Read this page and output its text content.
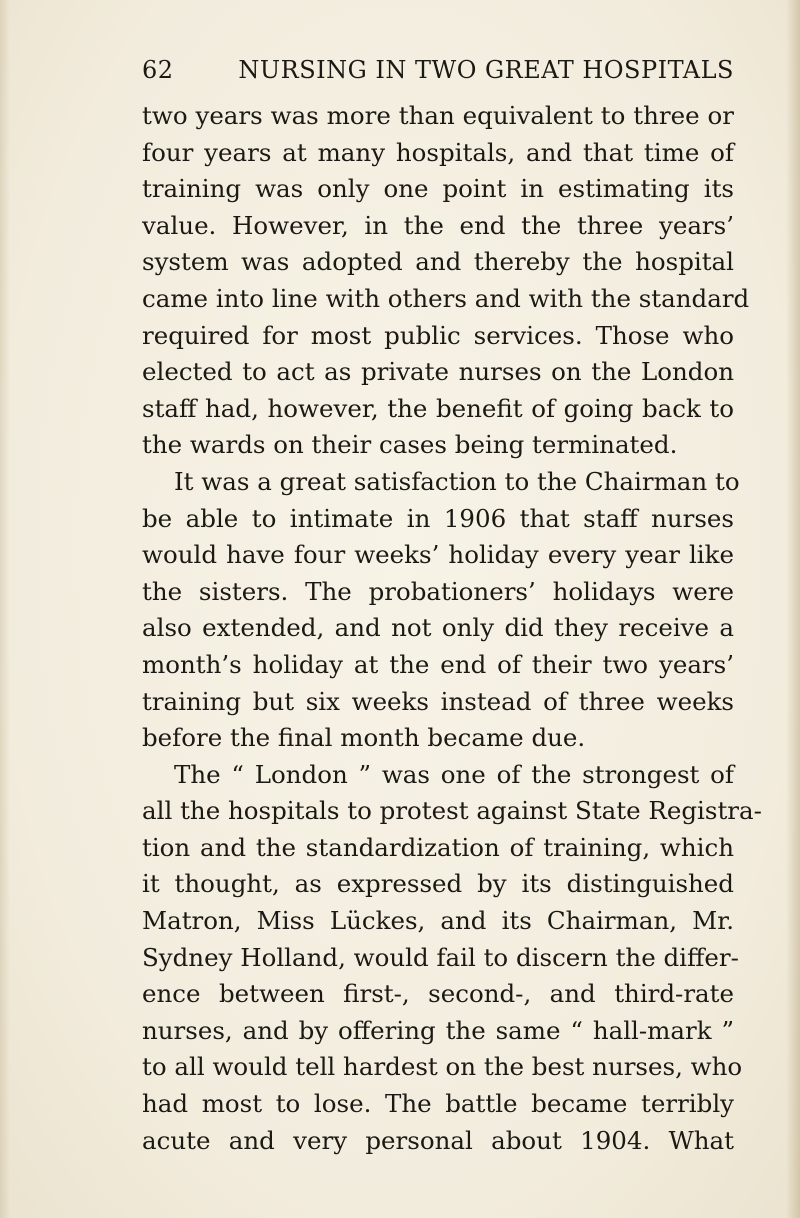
62	NURSING IN TWO GREAT HOSPITALS
two years was more than equivalent to three or
four years at many hospitals, and that time of
training was only one point in estimating its
value. However, in the end the three years’
system was adopted and thereby the hospital
came into line with others and with the standard
required for most public services. Those who
elected to act as private nurses on the London
staff had, however, the benefit of going back to
the wards on their cases being terminated.
It was a great satisfaction to the Chairman to
be able to intimate in 1906 that staff nurses
would have four weeks’ holiday every year like
the sisters. The probationers’ holidays were
also extended, and not only did they receive a
month’s holiday at the end of their two years’
training but six weeks instead of three weeks
before the final month became due.
The “ London ” was one of the strongest of
all the hospitals to protest against State Registra-
tion and the standardization of training, which
it thought, as expressed by its distinguished
Matron, Miss Lückes, and its Chairman, Mr.
Sydney Holland, would fail to discern the differ-
ence between first-, second-, and third-rate
nurses, and by offering the same “ hall-mark ”
to all would tell hardest on the best nurses, who
had most to lose. The battle became terribly
acute and very personal about 1904. What
